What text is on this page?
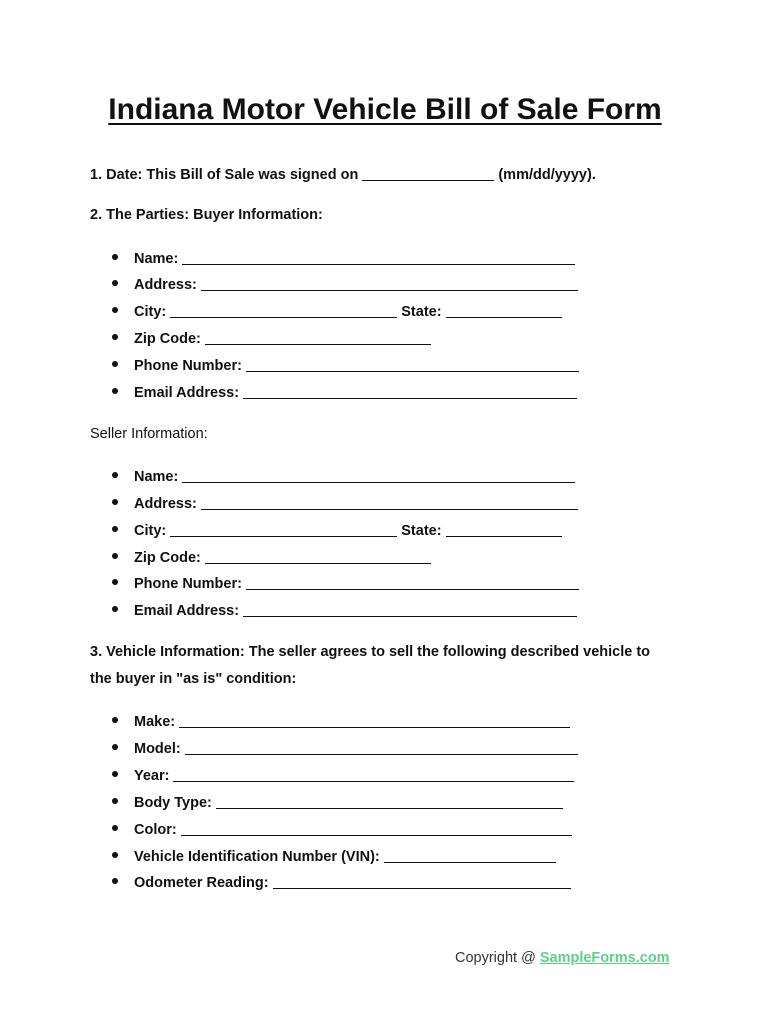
Indiana Motor Vehicle Bill of Sale Form
1. Date: This Bill of Sale was signed on	(mm/dd/yyyy).
2. The Parties: Buyer Information:
Name:
Address:
City:	State:
Zip Code:
Phone Number:
Email Address:
Seller Information:
Name:
Address:
City:	State:
Zip Code:
Phone Number:
Email Address:
3. Vehicle Information: The seller agrees to sell the following described vehicle to
the buyer in "as is" condition:
Make:
Model:
Year:
Body Type:
Color:
Vehicle Identification Number (VIN):
Odometer Reading:
Copyright @ SampleForms.com
